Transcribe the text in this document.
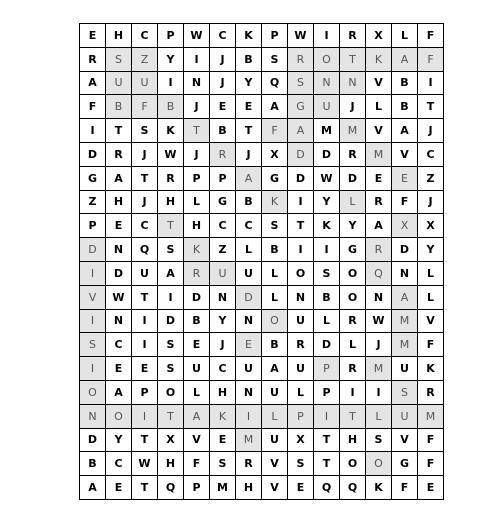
E	H	C	P	W	C	K	P	W	I	R	X	L	F
R	S	Z	Y	I	J	B	S	R	O	T	K	A	F
A	U	U	I	N	J	Y	Q	S	N	N	V	B	I
F	B	F	B	J	E	E	A	G	U	J	L	B	T
I	T	S	K	T	B	T	F	A	M	M	V	A	J
D	R	J	W	J	R	J	X	D	D	R	M	V	C
G	A	T	R	P	P	A	G	D	W	D	E	E	Z
Z	H	J	H	L	G	B	K	I	Y	L	R	F	J
P	E	C	T	H	C	C	S	T	K	Y	A	X	X
D	N	Q	S	K	Z	L	B	I	I	G	R	D	Y
I	D	U	A	R	U	U	L	O	S	O	Q	N	L
V	W	T	I	D	N	D	L	N	B	O	N	A	L
I	N	I	D	B	Y	N	O	U	L	R	W	M	V
S	C	I	S	E	J	E	B	R	D	L	J	M	F
I	E	E	S	U	C	U	A	U	P	R	M	U	K
O	A	P	O	L	H	N	U	L	P	I	I	S	R
N	O	I	T	A	K	I	L	P	I	T	L	U	M
D	Y	T	X	V	E	M	U	X	T	H	S	V	F
B	C	W	H	F	S	R	V	S	T	O	O	G	F
A	E	T	Q	P	M	H	V	E	Q	Q	K	F	E
